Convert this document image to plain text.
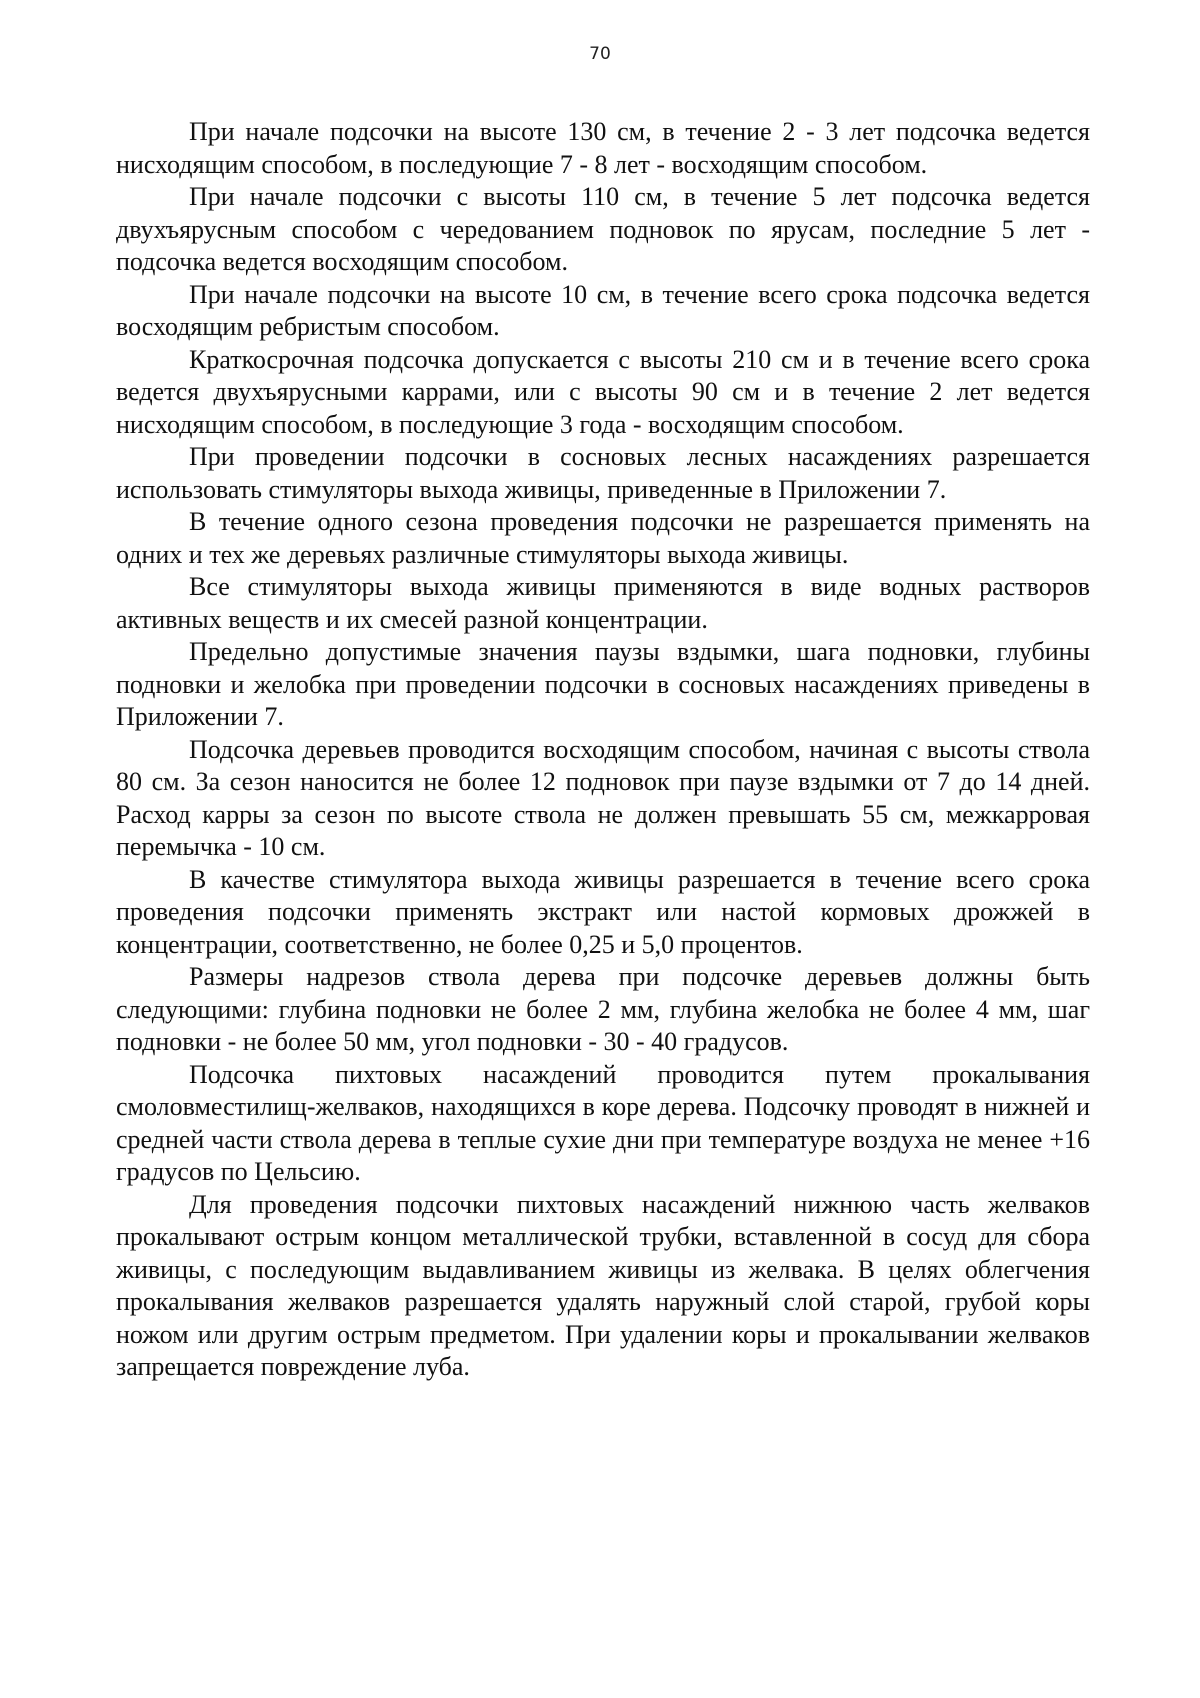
70

При начале подсочки на высоте 130 см, в течение 2 - 3 лет подсочка ведется нисходящим способом, в последующие 7 - 8 лет - восходящим способом.

При начале подсочки с высоты 110 см, в течение 5 лет подсочка ведется двухъярусным способом с чередованием подновок по ярусам, последние 5 лет - подсочка ведется восходящим способом.

При начале подсочки на высоте 10 см, в течение всего срока подсочка ведется восходящим ребристым способом.

Краткосрочная подсочка допускается с высоты 210 см и в течение всего срока ведется двухъярусными каррами, или с высоты 90 см и в течение 2 лет ведется нисходящим способом, в последующие 3 года - восходящим способом.

При проведении подсочки в сосновых лесных насаждениях разрешается использовать стимуляторы выхода живицы, приведенные в Приложении 7.

В течение одного сезона проведения подсочки не разрешается применять на одних и тех же деревьях различные стимуляторы выхода живицы.

Все стимуляторы выхода живицы применяются в виде водных растворов активных веществ и их смесей разной концентрации.

Предельно допустимые значения паузы вздымки, шага подновки, глубины подновки и желобка при проведении подсочки в сосновых насаждениях приведены в Приложении 7.

Подсочка деревьев проводится восходящим способом, начиная с высоты ствола 80 см. За сезон наносится не более 12 подновок при паузе вздымки от 7 до 14 дней. Расход карры за сезон по высоте ствола не должен превышать 55 см, межкарровая перемычка - 10 см.

В качестве стимулятора выхода живицы разрешается в течение всего срока проведения подсочки применять экстракт или настой кормовых дрожжей в концентрации, соответственно, не более 0,25 и 5,0 процентов.

Размеры надрезов ствола дерева при подсочке деревьев должны быть следующими: глубина подновки не более 2 мм, глубина желобка не более 4 мм, шаг подновки - не более 50 мм, угол подновки - 30 - 40 градусов.

Подсочка пихтовых насаждений проводится путем прокалывания смоловместилищ-желваков, находящихся в коре дерева. Подсочку проводят в нижней и средней части ствола дерева в теплые сухие дни при температуре воздуха не менее +16 градусов по Цельсию.

Для проведения подсочки пихтовых насаждений нижнюю часть желваков прокалывают острым концом металлической трубки, вставленной в сосуд для сбора живицы, с последующим выдавливанием живицы из желвака. В целях облегчения прокалывания желваков разрешается удалять наружный слой старой, грубой коры ножом или другим острым предметом. При удалении коры и прокалывании желваков запрещается повреждение луба.
